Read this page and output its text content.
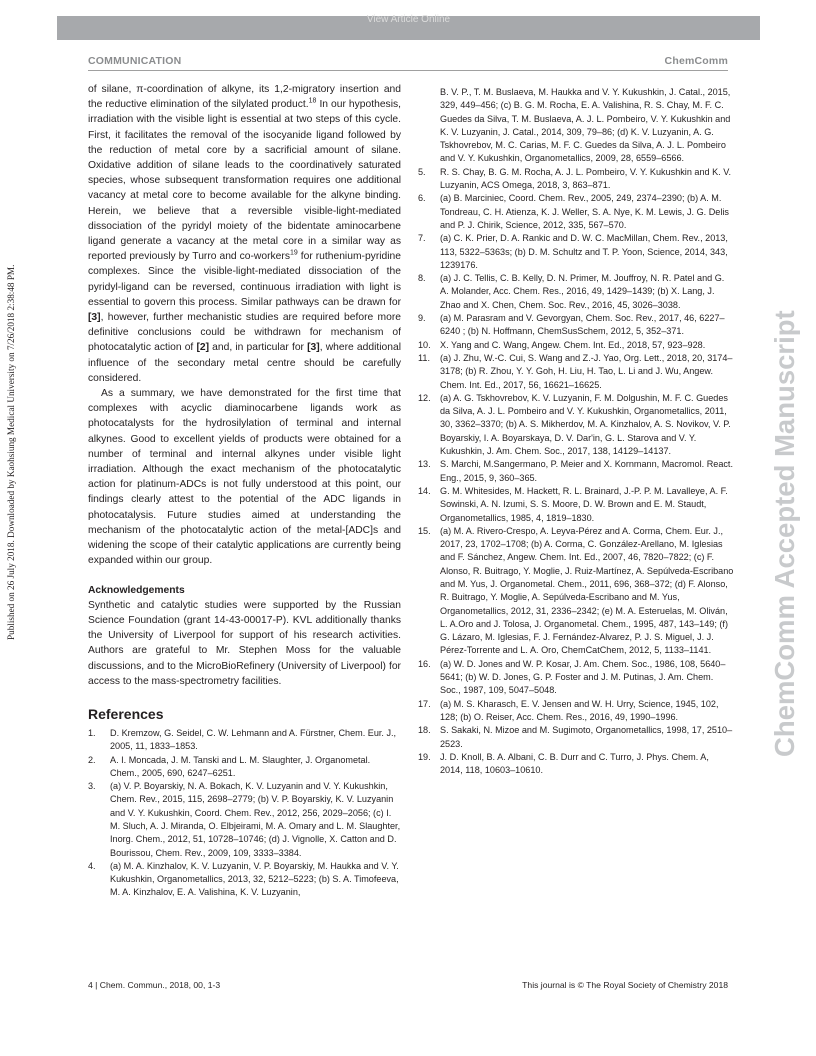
View Article Online
Published on 26 July 2018. Downloaded by Kaohsiung Medical University on 7/26/2018 2:38:48 PM.	ChemComm Accepted Manuscript
COMMUNICATION	ChemComm

of silane, π-coordination of alkyne, its 1,2-migratory insertion and the reductive elimination of the silylated product.$^{18}$ In our hypothesis, irradiation with the visible light is essential at two steps of this cycle. First, it facilitates the removal of the isocyanide ligand followed by the reduction of metal core by a sacrificial amount of silane. Oxidative addition of silane leads to the coordinatively saturated species, whose subsequent transformation requires one additional vacancy at metal core to become available for the alkyne binding. Herein, we believe that a reversible visible-light-mediated dissociation of the pyridyl moiety of the bidentate aminocarbene ligand generate a vacancy at the metal core in a similar way as reported previously by Turro and co-workers$^{19}$ for ruthenium-pyridine complexes. Since the visible-light-mediated dissociation of the pyridyl-ligand can be reversed, continuous irradiation with light is essential to govern this process. Similar pathways can be drawn for [3], however, further mechanistic studies are required before more definitive conclusions could be withdrawn for mechanism of photocatalytic action of [2] and, in particular for [3], where additional influence of the secondary metal centre should be carefully considered.

As a summary, we have demonstrated for the first time that complexes with acyclic diaminocarbene ligands work as photocatalysts for the hydrosilylation of terminal and internal alkynes. Good to excellent yields of products were obtained for a number of terminal and internal alkynes under visible light irradiation. Although the exact mechanism of the photocatalytic action for platinum-ADCs is not fully understood at this point, our findings clearly attest to the potential of the ADC ligands in photocatalysis. Future studies aimed at understanding the mechanism of the photocatalytic action of the metal-[ADC]s and widening the scope of their catalytic applications are currently being expanded within our group.

Acknowledgements

Synthetic and catalytic studies were supported by the Russian Science Foundation (grant 14-43-00017-P). KVL additionally thanks the University of Liverpool for support of his research activities. Authors are grateful to Mr. Stephen Moss for the valuable discussions, and to the MicroBioRefinery (University of Liverpool) for access to the mass-spectrometry facilities.

References

1.	D. Kremzow, G. Seidel, C. W. Lehmann and A. Fürstner, Chem. Eur. J., 2005, 11, 1833–1853.
2.	A. I. Moncada, J. M. Tanski and L. M. Slaughter, J. Organometal. Chem., 2005, 690, 6247–6251.
3.	(a) V. P. Boyarskiy, N. A. Bokach, K. V. Luzyanin and V. Y. Kukushkin, Chem. Rev., 2015, 115, 2698–2779; (b) V. P. Boyarskiy, K. V. Luzyanin and V. Y. Kukushkin, Coord. Chem. Rev., 2012, 256, 2029–2056; (c) I. M. Sluch, A. J. Miranda, O. Elbjeirami, M. A. Omary and L. M. Slaughter, Inorg. Chem., 2012, 51, 10728–10746; (d) J. Vignolle, X. Catton and D. Bourissou, Chem. Rev., 2009, 109, 3333–3384.
4.	(a) M. A. Kinzhalov, K. V. Luzyanin, V. P. Boyarskiy, M. Haukka and V. Y. Kukushkin, Organometallics, 2013, 32, 5212–5223; (b) S. A. Timofeeva, M. A. Kinzhalov, E. A. Valishina, K. V. Luzyanin,
B. V. P., T. M. Buslaeva, M. Haukka and V. Y. Kukushkin, J. Catal., 2015, 329, 449–456; (c) B. G. M. Rocha, E. A. Valishina, R. S. Chay, M. F. C. Guedes da Silva, T. M. Buslaeva, A. J. L. Pombeiro, V. Y. Kukushkin and K. V. Luzyanin, J. Catal., 2014, 309, 79–86; (d) K. V. Luzyanin, A. G. Tskhovrebov, M. C. Carias, M. F. C. Guedes da Silva, A. J. L. Pombeiro and V. Y. Kukushkin, Organometallics, 2009, 28, 6559–6566.
5.	R. S. Chay, B. G. M. Rocha, A. J. L. Pombeiro, V. Y. Kukushkin and K. V. Luzyanin, ACS Omega, 2018, 3, 863–871.
6.	(a) B. Marciniec, Coord. Chem. Rev., 2005, 249, 2374–2390; (b) A. M. Tondreau, C. H. Atienza, K. J. Weller, S. A. Nye, K. M. Lewis, J. G. Delis and P. J. Chirik, Science, 2012, 335, 567–570.
7.	(a) C. K. Prier, D. A. Rankic and D. W. C. MacMillan, Chem. Rev., 2013, 113, 5322–5363s; (b) D. M. Schultz and T. P. Yoon, Science, 2014, 343, 1239176.
8.	(a) J. C. Tellis, C. B. Kelly, D. N. Primer, M. Jouffroy, N. R. Patel and G. A. Molander, Acc. Chem. Res., 2016, 49, 1429–1439; (b) X. Lang, J. Zhao and X. Chen, Chem. Soc. Rev., 2016, 45, 3026–3038.
9.	(a) M. Parasram and V. Gevorgyan, Chem. Soc. Rev., 2017, 46, 6227–6240 ; (b) N. Hoffmann, ChemSusSchem, 2012, 5, 352–371.
10.	X. Yang and C. Wang, Angew. Chem. Int. Ed., 2018, 57, 923–928.
11.	(a) J. Zhu, W.-C. Cui, S. Wang and Z.-J. Yao, Org. Lett., 2018, 20, 3174–3178; (b) R. Zhou, Y. Y. Goh, H. Liu, H. Tao, L. Li and J. Wu, Angew. Chem. Int. Ed., 2017, 56, 16621–16625.
12.	(a) A. G. Tskhovrebov, K. V. Luzyanin, F. M. Dolgushin, M. F. C. Guedes da Silva, A. J. L. Pombeiro and V. Y. Kukushkin, Organometallics, 2011, 30, 3362–3370; (b) A. S. Mikherdov, M. A. Kinzhalov, A. S. Novikov, V. P. Boyarskiy, I. A. Boyarskaya, D. V. Dar'in, G. L. Starova and V. Y. Kukushkin, J. Am. Chem. Soc., 2017, 138, 14129–14137.
13.	S. Marchi, M.Sangermano, P. Meier and X. Kornmann, Macromol. React. Eng., 2015, 9, 360–365.
14.	G. M. Whitesides, M. Hackett, R. L. Brainard, J.-P. P. M. Lavalleye, A. F. Sowinski, A. N. Izumi, S. S. Moore, D. W. Brown and E. M. Staudt, Organometallics, 1985, 4, 1819–1830.
15.	(a) M. A. Rivero-Crespo, A. Leyva-Pérez and A. Corma, Chem. Eur. J., 2017, 23, 1702–1708; (b) A. Corma, C. González-Arellano, M. Iglesias and F. Sánchez, Angew. Chem. Int. Ed., 2007, 46, 7820–7822; (c) F. Alonso, R. Buitrago, Y. Moglie, J. Ruiz-Martínez, A. Sepúlveda-Escribano and M. Yus, J. Organometal. Chem., 2011, 696, 368–372; (d) F. Alonso, R. Buitrago, Y. Moglie, A. Sepúlveda-Escribano and M. Yus, Organometallics, 2012, 31, 2336–2342; (e) M. A. Esteruelas, M. Oliván, L. A.Oro and J. Tolosa, J. Organometal. Chem., 1995, 487, 143–149; (f) G. Lázaro, M. Iglesias, F. J. Fernández-Alvarez, P. J. S. Miguel, J. J. Pérez-Torrente and L. A. Oro, ChemCatChem, 2012, 5, 1133–1141.
16.	(a) W. D. Jones and W. P. Kosar, J. Am. Chem. Soc., 1986, 108, 5640–5641; (b) W. D. Jones, G. P. Foster and J. M. Putinas, J. Am. Chem. Soc., 1987, 109, 5047–5048.
17.	(a) M. S. Kharasch, E. V. Jensen and W. H. Urry, Science, 1945, 102, 128; (b) O. Reiser, Acc. Chem. Res., 2016, 49, 1990–1996.
18.	S. Sakaki, N. Mizoe and M. Sugimoto, Organometallics, 1998, 17, 2510–2523.
19.	J. D. Knoll, B. A. Albani, C. B. Durr and C. Turro, J. Phys. Chem. A, 2014, 118, 10603–10610.
4 | Chem. Commun., 2018, 00, 1-3	This journal is © The Royal Society of Chemistry 2018
